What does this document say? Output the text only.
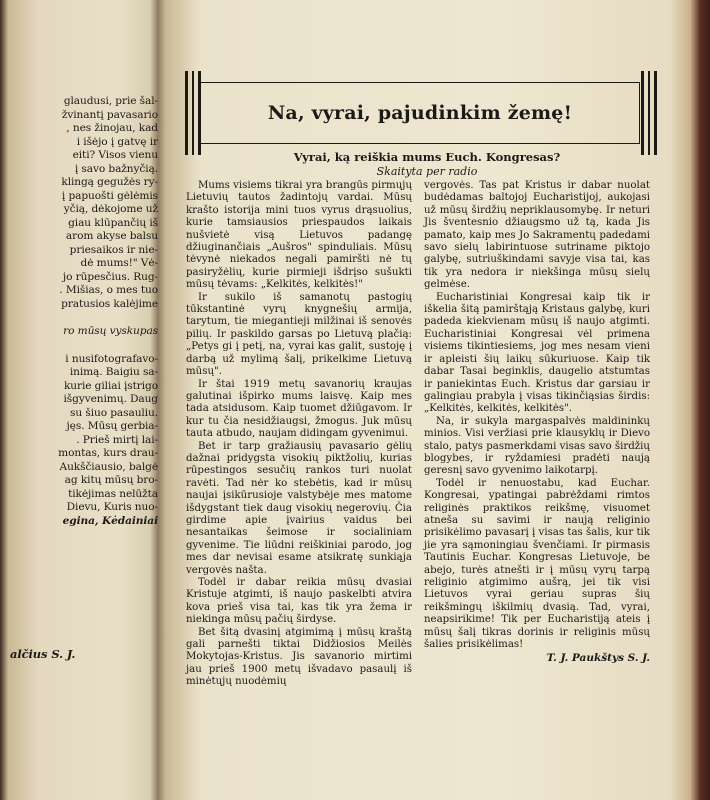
glaudusi, prie šal-
žvinantį pavasario
, nes žinojau, kad
i išėjo į gatvę ir
eiti? Visos vienu
į savo bažnyčią.
klingą gegužės ry-
į papuošti gėlėmis
yčią, dėkojome už
giau klūpančių iš
arom akyse balsu
priesaikos ir nie-
dė mums!" Vė-
jo rūpesčius. Rug-
. Mišias, o mes tuo
pratusios kalėjime
ro mūsų vyskupas
i nusifotografavo-
inimą. Baigiu sa-
kurie giliai įstrigo
išgyvenimų. Daug
su šiuo pasauliu.
jęs. Mūsų gerbia-
. Prieš mirtį lai-
montas, kurs drau-
Aukščiausio, balgė
ag kitų mūsų bro-
tikėjimas nelūžta
Dievu, Kuris nuo-
egina, Kėdainiai
alčius S. J.
Na, vyrai, pajudinkim žemę!
Vyrai, ką reiškia mums Euch. Kongresas?
Skaityta per radio

Mums visiems tikrai yra brangūs pirmųjų Lietuvių tautos žadintojų vardai. Mūsų krašto istorija mini tuos vyrus drąsuolius, kurie tamsiausios priespaudos laikais nušvietė visą Lietuvos padangę džiuginančiais „Aušros" spinduliais. Mūsų tėvynė niekados negali pamiršti nė tų pasiryžėlių, kurie pirmieji išdrįso sušukti mūsų tėvams: „Kelkitės, kelkitės!"

Ir sukilo iš samanotų pastogių tūkstantinė vyrų knygnešių armija, tarytum, tie miegantieji milžinai iš senovės pilių. Ir paskildo garsas po Lietuvą plačią: „Petys gi į petį, na, vyrai kas galit, sustoję į darbą už mylimą šalį, prikelkime Lietuvą mūsų".

Ir štai 1919 metų savanorių kraujas galutinai išpirko mums laisvę. Kaip mes tada atsidusom. Kaip tuomet džiūgavom. Ir kur tu čia nesidžiaugsi, žmogus. Juk mūsų tauta atbudo, naujam didingam gyvenimui.

Bet ir tarp gražiausių pavasario gėlių dažnai pridygsta visokių piktžolių, kurias rūpestingos sesučių rankos turi nuolat ravėti. Tad nėr ko stebėtis, kad ir mūsų naujai įsikūrusioje valstybėje mes matome išdygstant tiek daug visokių negerovių. Čia girdime apie įvairius vaidus bei nesantaikas šeimose ir socialiniam gyvenime. Tie liūdni reiškiniai parodo, jog mes dar nevisai esame atsikratę sunkiąja vergovės našta.

Todėl ir dabar reikia mūsų dvasiai Kristuje atgimti, iš naujo paskelbti atvira kova prieš visa tai, kas tik yra žema ir niekinga mūsų pačių širdyse.

Bet šitą dvasinį atgimimą į mūsų kraštą gali parnešti tiktai Didžiosios Meilės Mokytojas-Kristus. Jis savanorio mirtimi jau prieš 1900 metų išvadavo pasaulį iš minėtųjų nuodėmių

vergovės. Tas pat Kristus ir dabar nuolat budėdamas baltojoj Eucharistijoj, aukojasi už mūsų širdžių nepriklausomybę. Ir neturi Jis šventesnio džiaugsmo už tą, kada Jis pamato, kaip mes Jo Sakramentų padedami savo sielų labirintuose sutriname piktojo galybę, sutriuškindami savyje visa tai, kas tik yra nedora ir niekšinga mūsų sielų gelmėse.

Eucharistiniai Kongresai kaip tik ir iškelia šitą pamirštąją Kristaus galybę, kuri padeda kiekvienam mūsų iš naujo atgimti. Eucharistiniai Kongresai vėl primena visiems tikintiesiems, jog mes nesam vieni ir apleisti šių laikų sūkuriuose. Kaip tik dabar Tasai beginklis, daugelio atstumtas ir paniekintas Euch. Kristus dar garsiau ir galingiau prabyla į visas tikinčiąsias širdis: „Kelkitės, kelkitės, kelkitės".

Na, ir sukyla margaspalvės maldininkų minios. Visi veržiasi prie klausyklų ir Dievo stalo, patys pasmerkdami visas savo širdžių blogybes, ir ryždamiesi pradėti naują geresnį savo gyvenimo laikotarpį.

Todėl ir nenuostabu, kad Euchar. Kongresai, ypatingai pabrėždami rimtos religinės praktikos reikšmę, visuomet atneša su savimi ir naują religinio prisikėlimo pavasarį į visas tas šalis, kur tik jie yra sąmoningiau švenčiami. Ir pirmasis Tautinis Euchar. Kongresas Lietuvoje, be abejo, turės atnešti ir į mūsų vyrų tarpą religinio atgimimo aušrą, jei tik visi Lietuvos vyrai geriau supras šių reikšmingų iškilmių dvasią. Tad, vyrai, neapsirikime! Tik per Eucharistiją ateis į mūsų šalį tikras dorinis ir religinis mūsų šalies prisikėlimas!

T. J. Paukštys S. J.
